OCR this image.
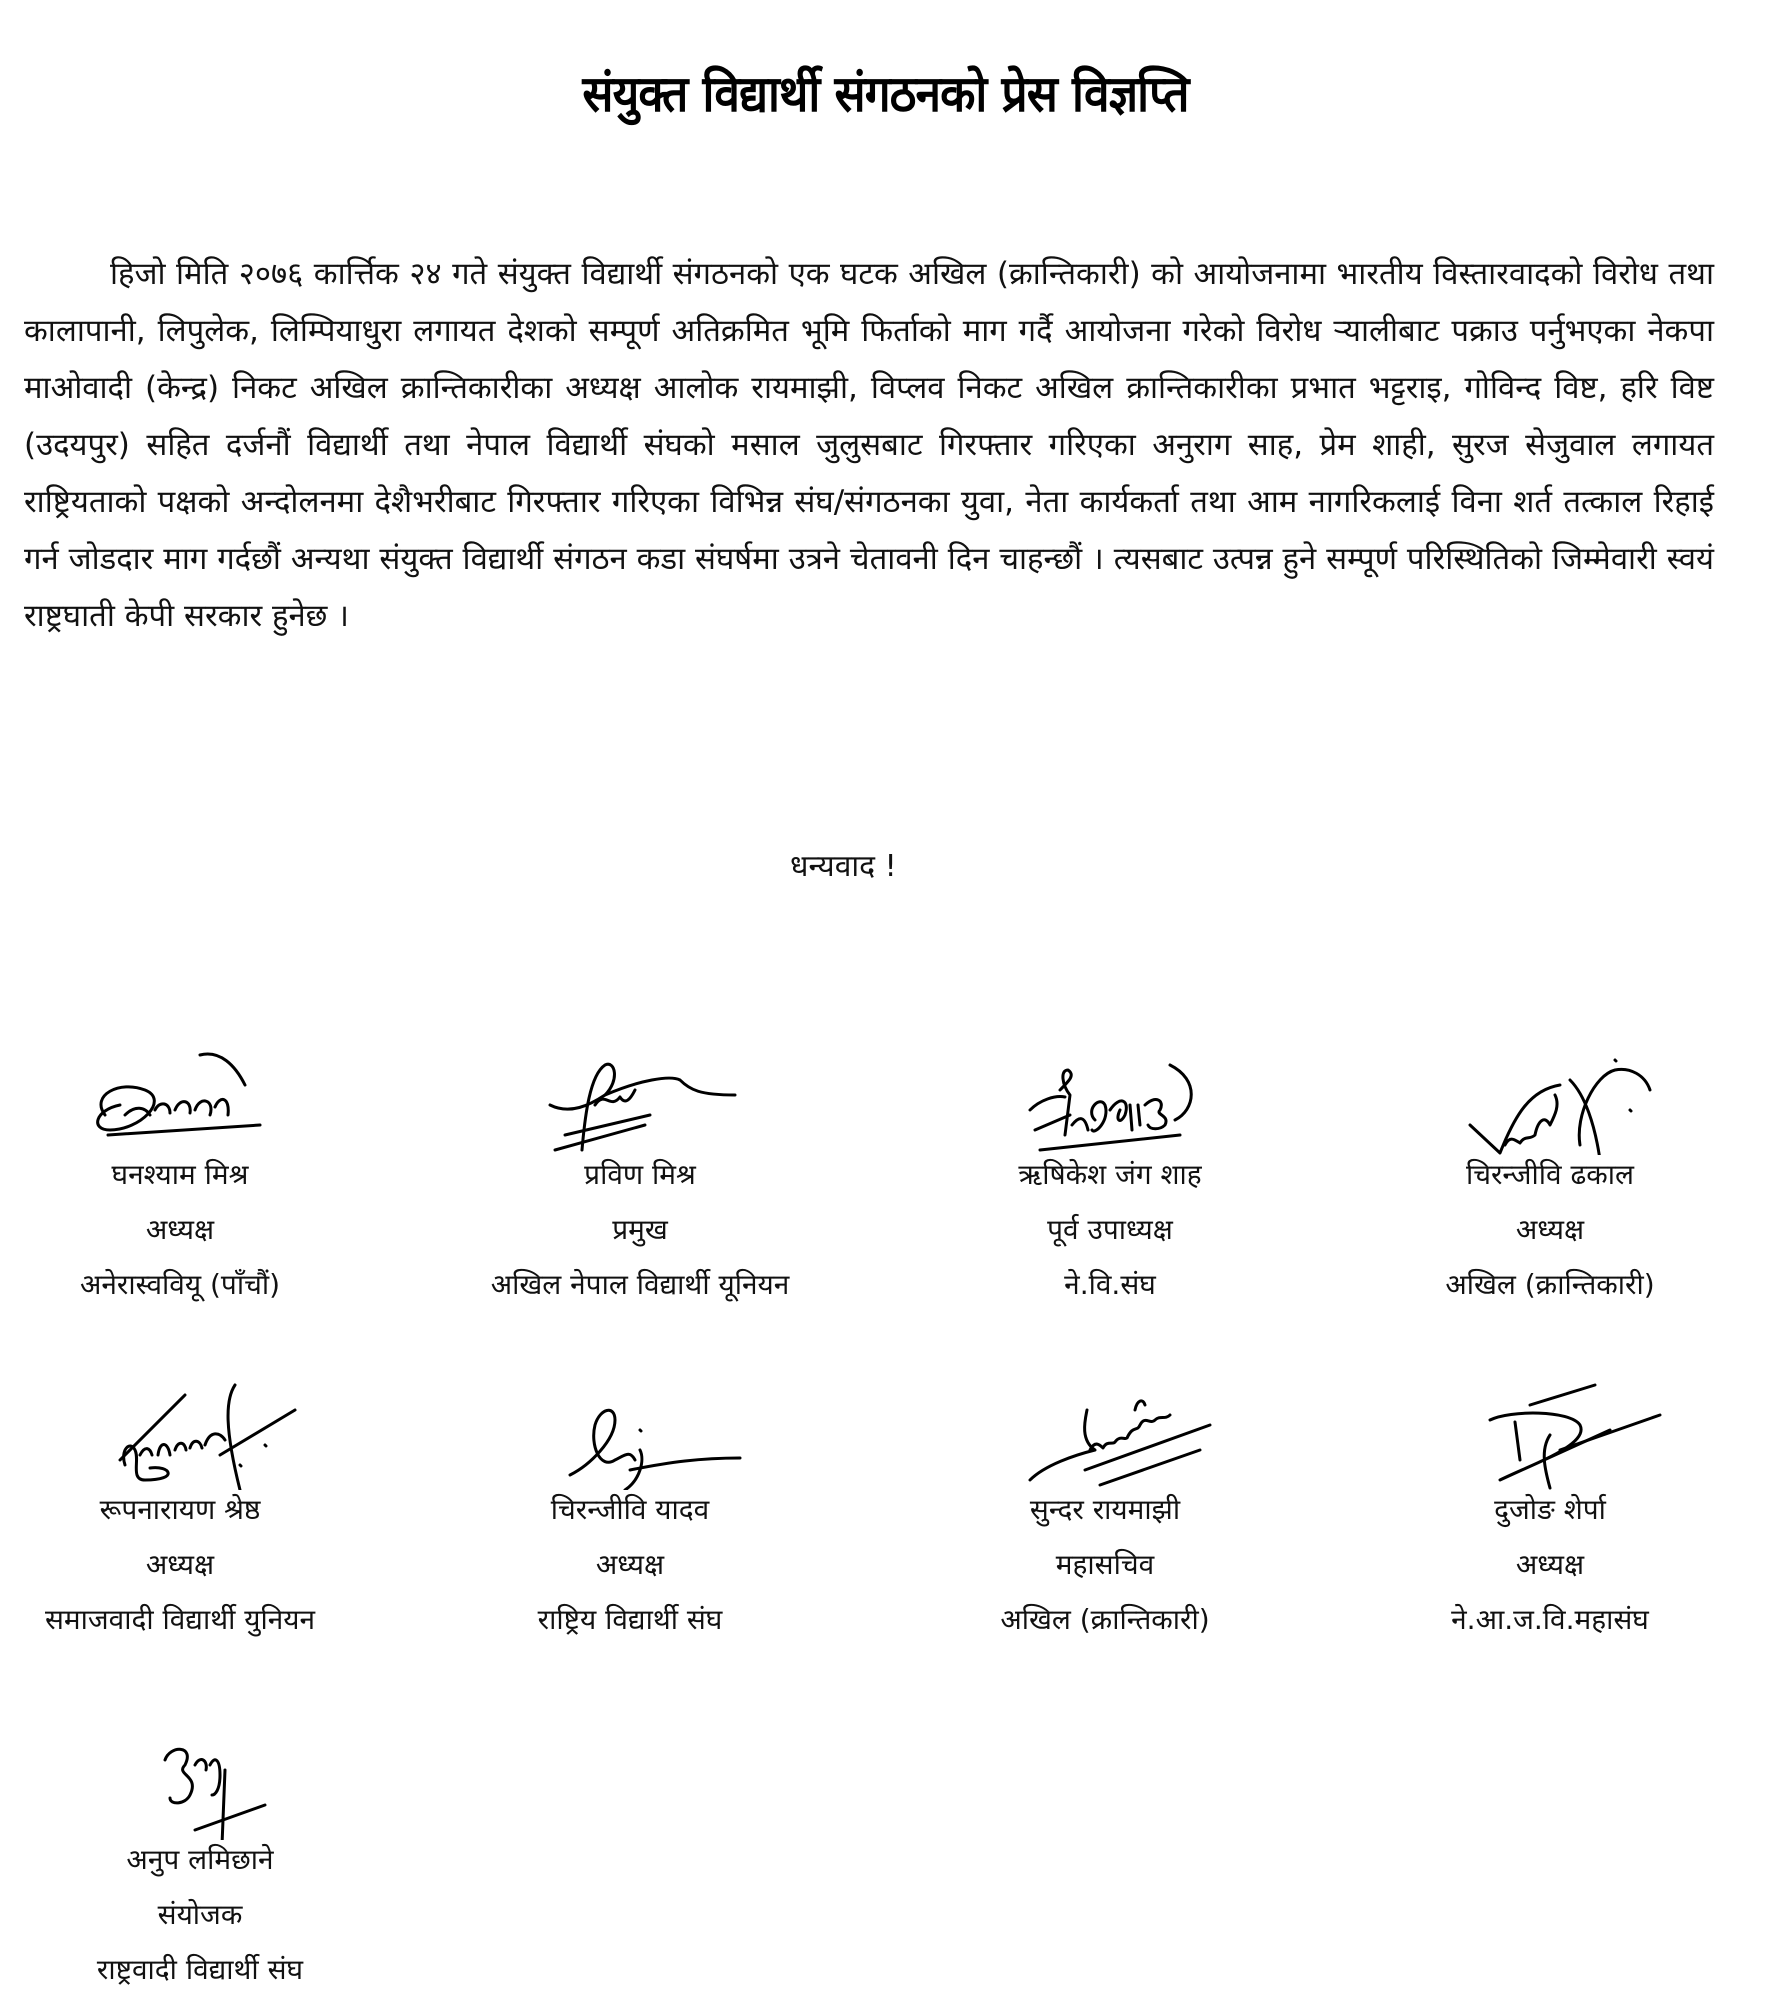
संयुक्त विद्यार्थी संगठनको प्रेस विज्ञप्ति

हिजो मिति २०७६ कार्त्तिक २४ गते संयुक्त विद्यार्थी संगठनको एक घटक अखिल (क्रान्तिकारी) को आयोजनामा भारतीय विस्तारवादको विरोध तथा कालापानी, लिपुलेक, लिम्पियाधुरा लगायत देशको सम्पूर्ण अतिक्रमित भूमि फिर्ताको माग गर्दै आयोजना गरेको विरोध र्‍यालीबाट पक्राउ पर्नुभएका नेकपा माओवादी (केन्द्र) निकट अखिल क्रान्तिकारीका अध्यक्ष आलोक रायमाझी, विप्लव निकट अखिल क्रान्तिकारीका प्रभात भट्टराइ, गोविन्द विष्ट, हरि विष्ट (उदयपुर) सहित दर्जनौं विद्यार्थी तथा नेपाल विद्यार्थी संघको मसाल जुलुसबाट गिरफ्तार गरिएका अनुराग साह, प्रेम शाही, सुरज सेजुवाल लगायत राष्ट्रियताको पक्षको अन्दोलनमा देशैभरीबाट गिरफ्तार गरिएका विभिन्न संघ/संगठनका युवा, नेता कार्यकर्ता तथा आम नागरिकलाई विना शर्त तत्काल रिहाई गर्न जोडदार माग गर्दछौं अन्यथा संयुक्त विद्यार्थी संगठन कडा संघर्षमा उत्रने चेतावनी दिन चाहन्छौं । त्यसबाट उत्पन्न हुने सम्पूर्ण परिस्थितिको जिम्मेवारी स्वयं राष्ट्रघाती केपी सरकार हुनेछ ।

धन्यवाद !
घनश्याम मिश्र
अध्यक्ष
अनेरास्ववियू (पाँचौं)
प्रविण मिश्र
प्रमुख
अखिल नेपाल विद्यार्थी यूनियन
ऋषिकेश जंग शाह
पूर्व उपाध्यक्ष
ने.वि.संघ
चिरन्जीवि ढकाल
अध्यक्ष
अखिल (क्रान्तिकारी)
रूपनारायण श्रेष्ठ
अध्यक्ष
समाजवादी विद्यार्थी युनियन
चिरन्जीवि यादव
अध्यक्ष
राष्ट्रिय विद्यार्थी संघ
सुन्दर रायमाझी
महासचिव
अखिल (क्रान्तिकारी)
दुजोङ शेर्पा
अध्यक्ष
ने.आ.ज.वि.महासंघ
अनुप लमिछाने
संयोजक
राष्ट्रवादी विद्यार्थी संघ
